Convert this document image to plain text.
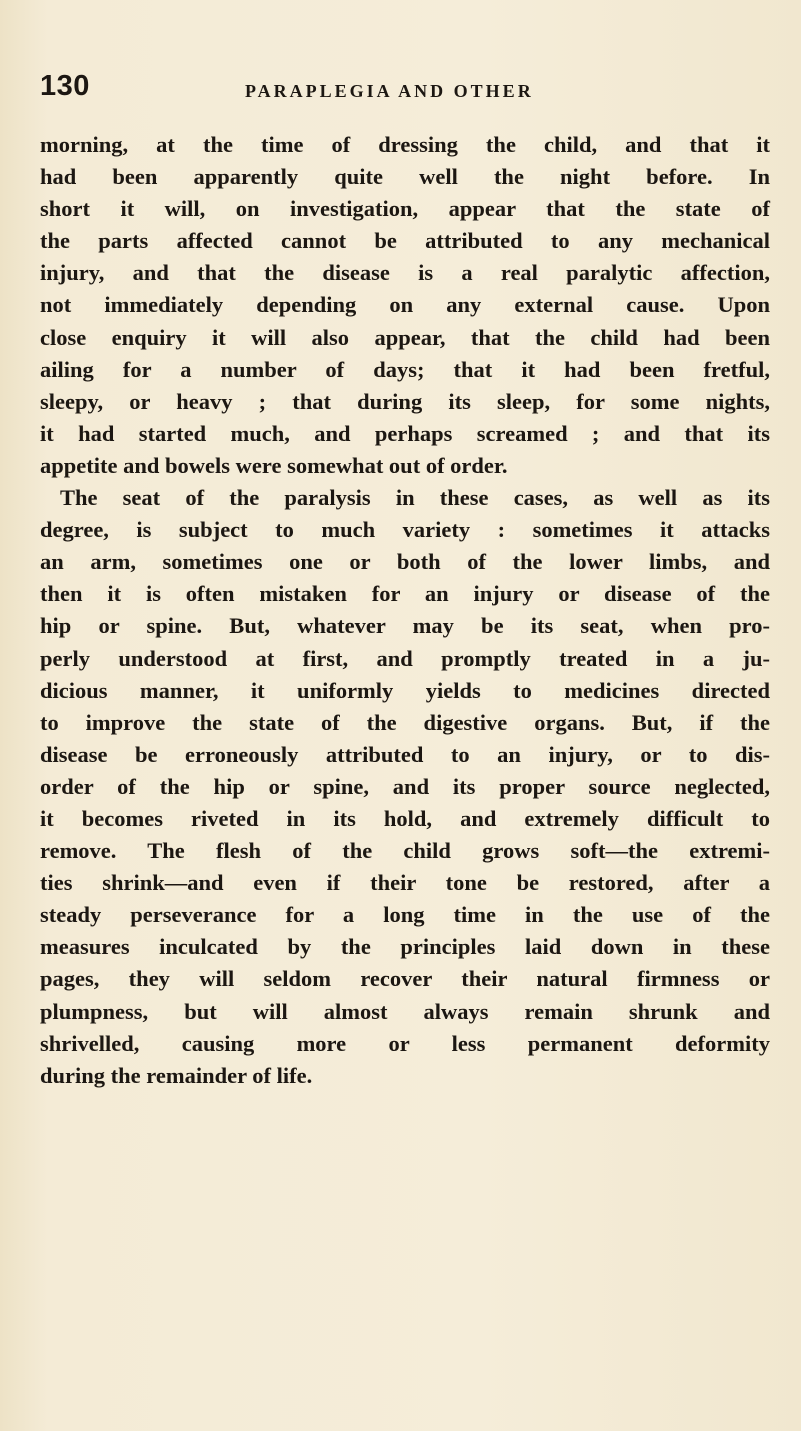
130	PARAPLEGIA AND OTHER
morning, at the time of dressing the child, and that it
had been apparently quite well the night before. In
short it will, on investigation, appear that the state of
the parts affected cannot be attributed to any mechanical
injury, and that the disease is a real paralytic affection,
not immediately depending on any external cause. Upon
close enquiry it will also appear, that the child had been
ailing for a number of days; that it had been fretful,
sleepy, or heavy ; that during its sleep, for some nights,
it had started much, and perhaps screamed ; and that its
appetite and bowels were somewhat out of order.
The seat of the paralysis in these cases, as well as its
degree, is subject to much variety : sometimes it attacks
an arm, sometimes one or both of the lower limbs, and
then it is often mistaken for an injury or disease of the
hip or spine. But, whatever may be its seat, when pro-
perly understood at first, and promptly treated in a ju-
dicious manner, it uniformly yields to medicines directed
to improve the state of the digestive organs. But, if the
disease be erroneously attributed to an injury, or to dis-
order of the hip or spine, and its proper source neglected,
it becomes riveted in its hold, and extremely difficult to
remove. The flesh of the child grows soft—the extremi-
ties shrink—and even if their tone be restored, after a
steady perseverance for a long time in the use of the
measures inculcated by the principles laid down in these
pages, they will seldom recover their natural firmness or
plumpness, but will almost always remain shrunk and
shrivelled, causing more or less permanent deformity
during the remainder of life.
